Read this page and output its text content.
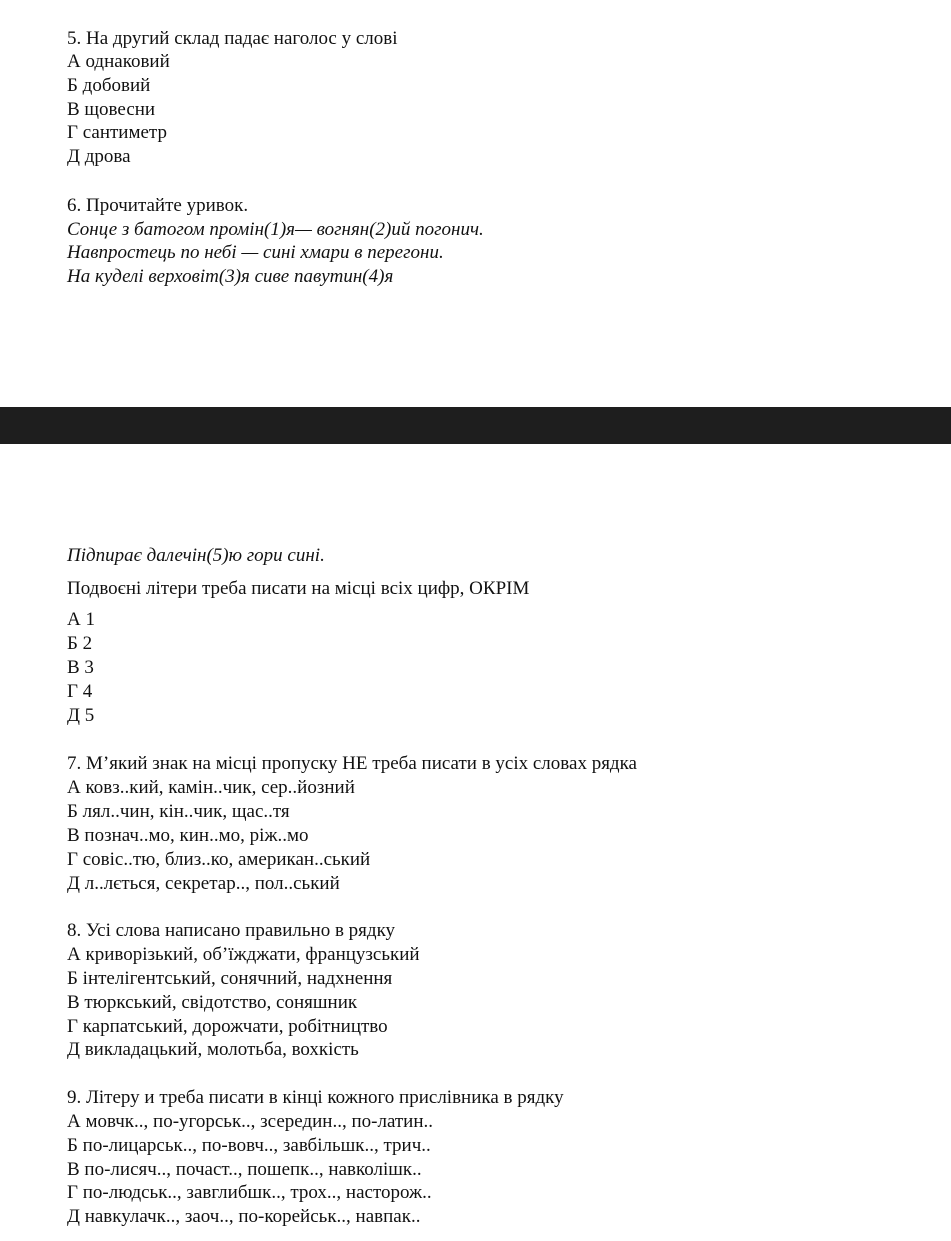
5. На другий склад падає наголос у слові
А однаковий
Б добовий
В щовесни
Г сантиметр
Д дрова
6. Прочитайте уривок.
Сонце з батогом промін(1)я— вогнян(2)ий погонич.
Навпростець по небі — сині хмари в перегони.
На куделі верховіт(3)я сиве павутин(4)я
Підпирає далечін(5)ю гори сині.
Подвоєні літери треба писати на місці всіх цифр, ОКРІМ
А 1
Б 2
В 3
Г 4
Д 5
7. М’який знак на місці пропуску НЕ треба писати в усіх словах рядка
А ковз..кий, камін..чик, сер..йозний
Б лял..чин, кін..чик, щас..тя
В познач..мо, кин..мо, ріж..мо
Г совіс..тю, близ..ко, американ..ський
Д л..лється, секретар.., пол..ський
8. Усі слова написано правильно в рядку
А криворізький, об’їжджати, французський
Б інтелігентський, сонячний, надхнення
В тюркський, свідотство, соняшник
Г карпатський, дорожчати, робітництво
Д викладацький, молотьба, вохкість
9. Літеру и треба писати в кінці кожного прислівника в рядку
А мовчк.., по-угорськ.., зсередин.., по-латин..
Б по-лицарськ.., по-вовч.., завбільшк.., трич..
В по-лисяч.., почаст.., пошепк.., навколішк..
Г по-людськ.., завглибшк.., трох.., насторож..
Д навкулачк.., заоч.., по-корейськ.., навпак..
